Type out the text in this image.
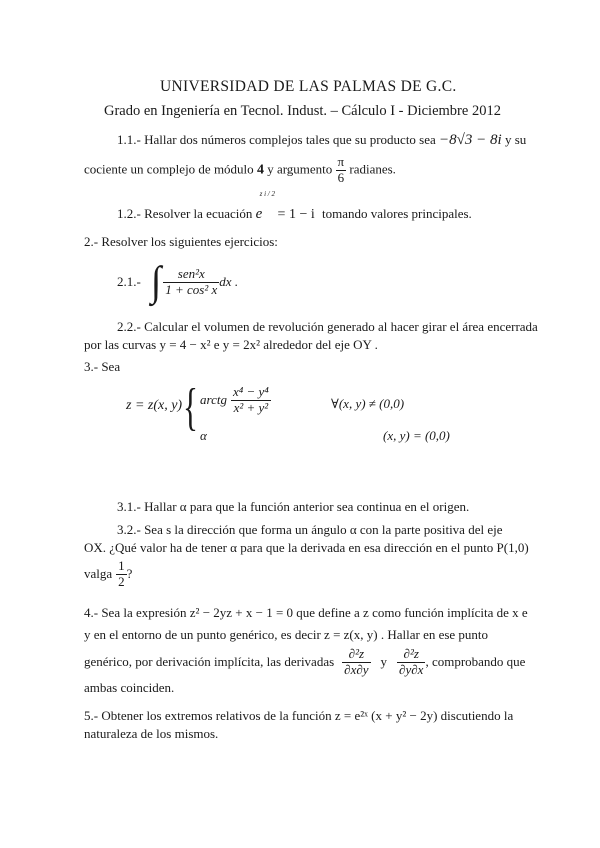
UNIVERSIDAD DE LAS PALMAS DE G.C.
Grado en Ingeniería en Tecnol. Indust. – Cálculo I - Diciembre 2012
1.1.- Hallar dos números complejos tales que su producto sea −8√3 − 8i y su
cociente un complejo de módulo 4 y argumento $\frac{\pi}{6}$ radianes.
1.2.- Resolver la ecuación e
z i / 2
= 1 − i tomando valores principales.
2.- Resolver los siguientes ejercicios:
2.1.- ∫ $\frac{\text{sen²x}}{\text{1 + cos² x}}$ dx .
2.2.- Calcular el volumen de revolución generado al hacer girar el área encerrada
por las curvas y = 4 − x² e y = 2x² alrededor del eje OY .
3.- Sea
z = z(x, y) { arctg $\frac{\text{x⁴ − y⁴}}{\text{x² + y²}}$	∀(x, y) ≠ (0,0)
α	(x, y) = (0,0)
3.1.- Hallar α para que la función anterior sea continua en el origen.
3.2.- Sea s la dirección que forma un ángulo α con la parte positiva del eje
OX. ¿Qué valor ha de tener α para que la derivada en esa dirección en el punto P(1,0)
valga $\frac{1}{2}$ ?
4.- Sea la expresión z² − 2yz + x − 1 = 0 que define a z como función implícita de x e
y en el entorno de un punto genérico, es decir z = z(x, y) . Hallar en ese punto
genérico, por derivación implícita, las derivadas $\frac{\text{∂²z}}{\partial x\partial y}$ y $\frac{\text{∂²z}}{\partial y\partial x}$ , comprobando que
ambas coinciden.
5.- Obtener los extremos relativos de la función z = e²ˣ (x + y² − 2y) discutiendo la
naturaleza de los mismos.
